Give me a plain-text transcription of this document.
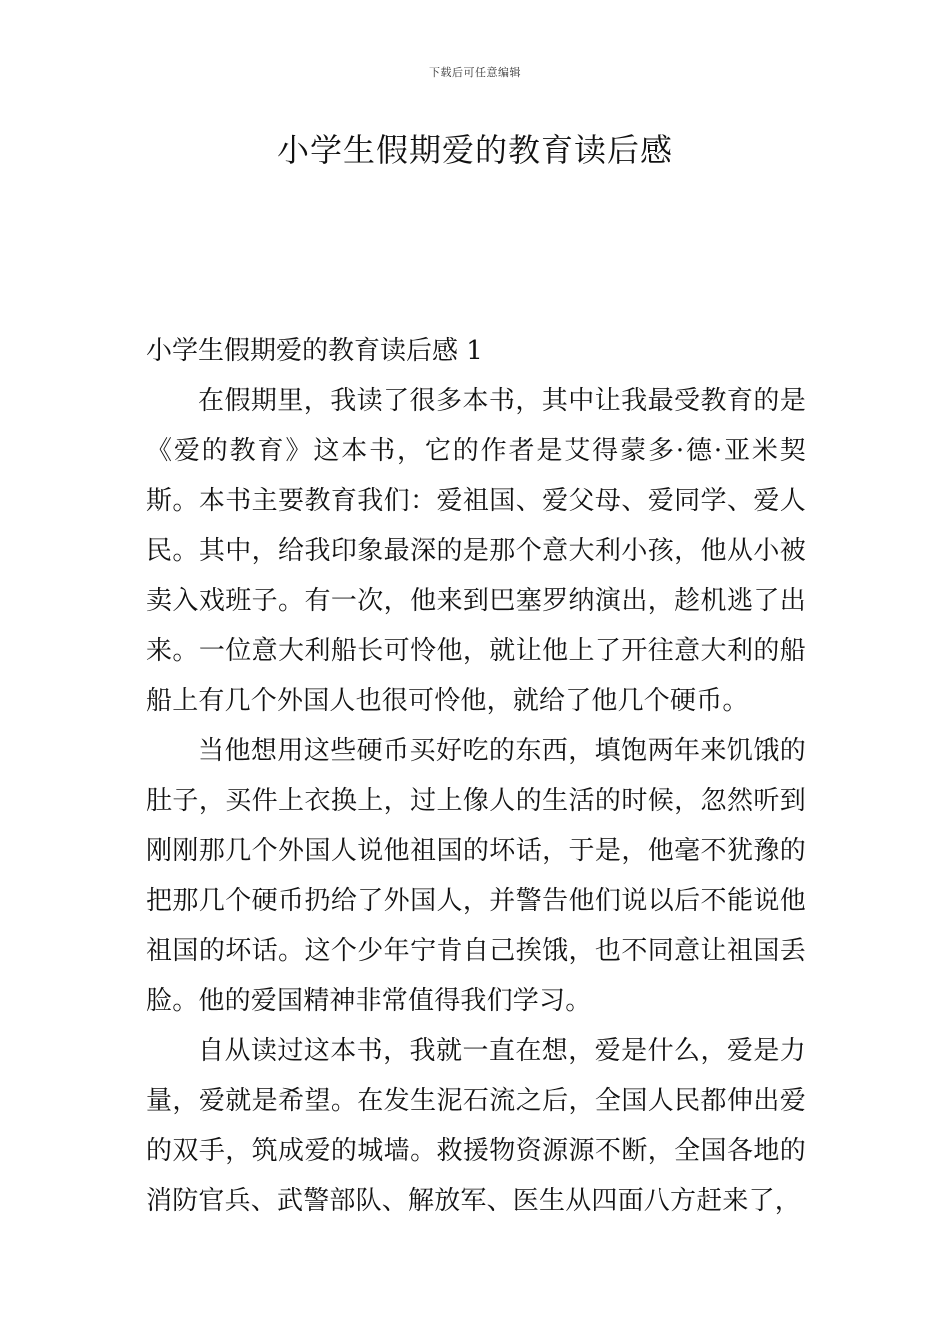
下载后可任意编辑
小学生假期爱的教育读后感

小学生假期爱的教育读后感 1

在假期里，我读了很多本书，其中让我最受教育的是《爱的教育》这本书，它的作者是艾得蒙多·德·亚米契斯。本书主要教育我们：爱祖国、爱父母、爱同学、爱人民。其中，给我印象最深的是那个意大利小孩，他从小被卖入戏班子。有一次，他来到巴塞罗纳演出，趁机逃了出来。一位意大利船长可怜他，就让他上了开往意大利的船船上有几个外国人也很可怜他，就给了他几个硬币。

当他想用这些硬币买好吃的东西，填饱两年来饥饿的肚子，买件上衣换上，过上像人的生活的时候，忽然听到刚刚那几个外国人说他祖国的坏话，于是，他毫不犹豫的把那几个硬币扔给了外国人，并警告他们说以后不能说他祖国的坏话。这个少年宁肯自己挨饿，也不同意让祖国丢脸。他的爱国精神非常值得我们学习。

自从读过这本书，我就一直在想，爱是什么，爱是力量，爱就是希望。在发生泥石流之后，全国人民都伸出爱的双手，筑成爱的城墙。救援物资源源不断，全国各地的消防官兵、武警部队、解放军、医生从四面八方赶来了，
